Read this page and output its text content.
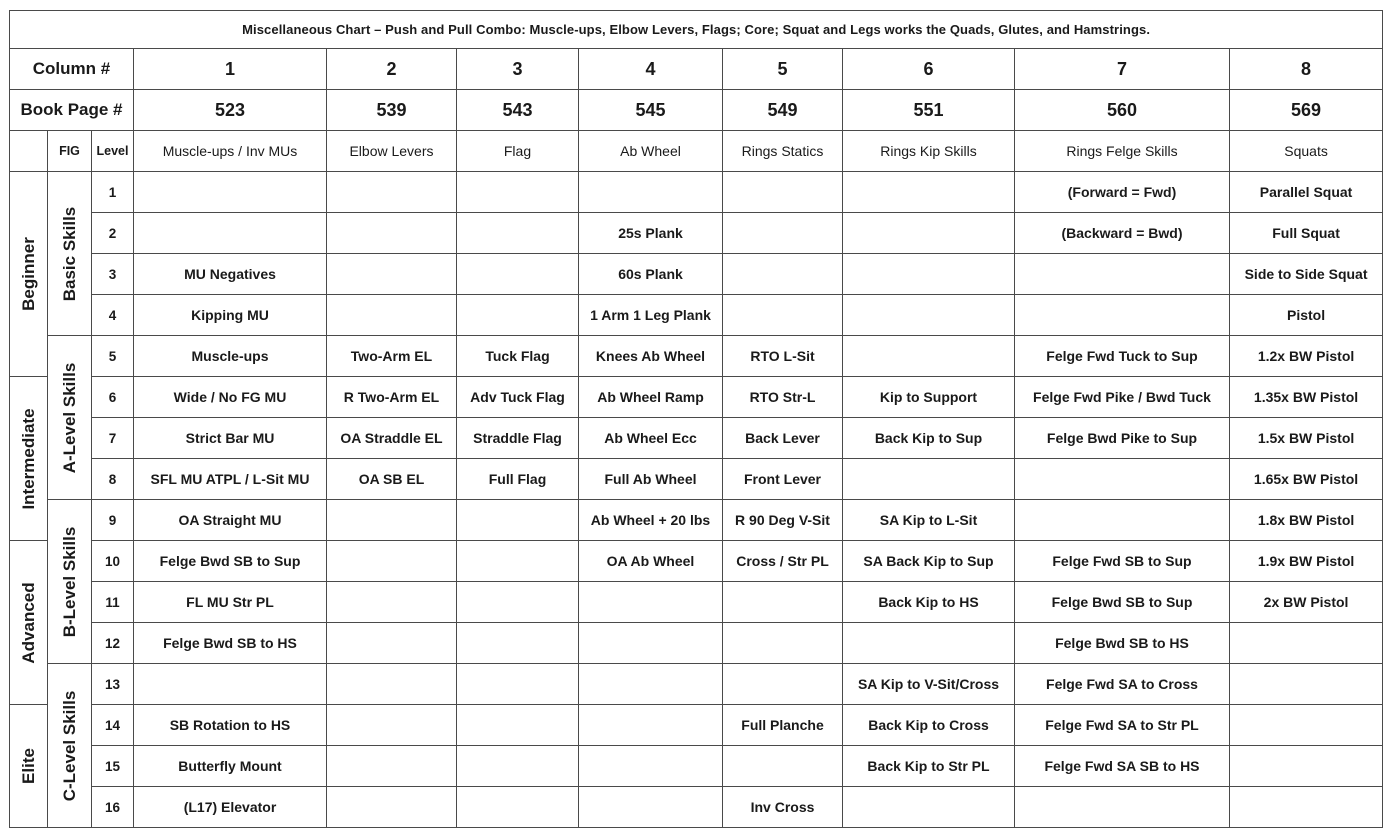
Miscellaneous Chart – Push and Pull Combo: Muscle-ups, Elbow Levers, Flags; Core; Squat and Legs works the Quads, Glutes, and Hamstrings.										
Column #			1	2	3	4	5	6	7	8
Book Page #			523	539	543	545	549	551	560	569
	FIG	Level	Muscle-ups / Inv MUs	Elbow Levers	Flag	Ab Wheel	Rings Statics	Rings Kip Skills	Rings Felge Skills	Squats

Beginner	Basic Skills	1							(Forward = Fwd)	Parallel Squat
		2				25s Plank			(Backward = Bwd)	Full Squat
		3	MU Negatives			60s Plank				Side to Side Squat
		4	Kipping MU			1 Arm 1 Leg Plank				Pistol

	A-Level Skills	5	Muscle-ups	Two-Arm EL	Tuck Flag	Knees Ab Wheel	RTO L-Sit		Felge Fwd Tuck to Sup	1.2x BW Pistol

Intermediate		6	Wide / No FG MU	R Two-Arm EL	Adv Tuck Flag	Ab Wheel Ramp	RTO Str-L	Kip to Support	Felge Fwd Pike / Bwd Tuck	1.35x BW Pistol
		7	Strict Bar MU	OA Straddle EL	Straddle Flag	Ab Wheel Ecc	Back Lever	Back Kip to Sup	Felge Bwd Pike to Sup	1.5x BW Pistol
		8	SFL MU ATPL / L-Sit MU	OA SB EL	Full Flag	Full Ab Wheel	Front Lever			1.65x BW Pistol

	B-Level Skills	9	OA Straight MU			Ab Wheel + 20 lbs	R 90 Deg V-Sit	SA Kip to L-Sit		1.8x BW Pistol

Advanced		10	Felge Bwd SB to Sup			OA Ab Wheel	Cross / Str PL	SA Back Kip to Sup	Felge Fwd SB to Sup	1.9x BW Pistol
		11	FL MU Str PL					Back Kip to HS	Felge Bwd SB to Sup	2x BW Pistol
		12	Felge Bwd SB to HS						Felge Bwd SB to HS	

	C-Level Skills	13						SA Kip to V-Sit/Cross	Felge Fwd SA to Cross	

Elite		14	SB Rotation to HS				Full Planche	Back Kip to Cross	Felge Fwd SA to Str PL	
		15	Butterfly Mount					Back Kip to Str PL	Felge Fwd SA SB to HS	
		16	(L17) Elevator				Inv Cross			
